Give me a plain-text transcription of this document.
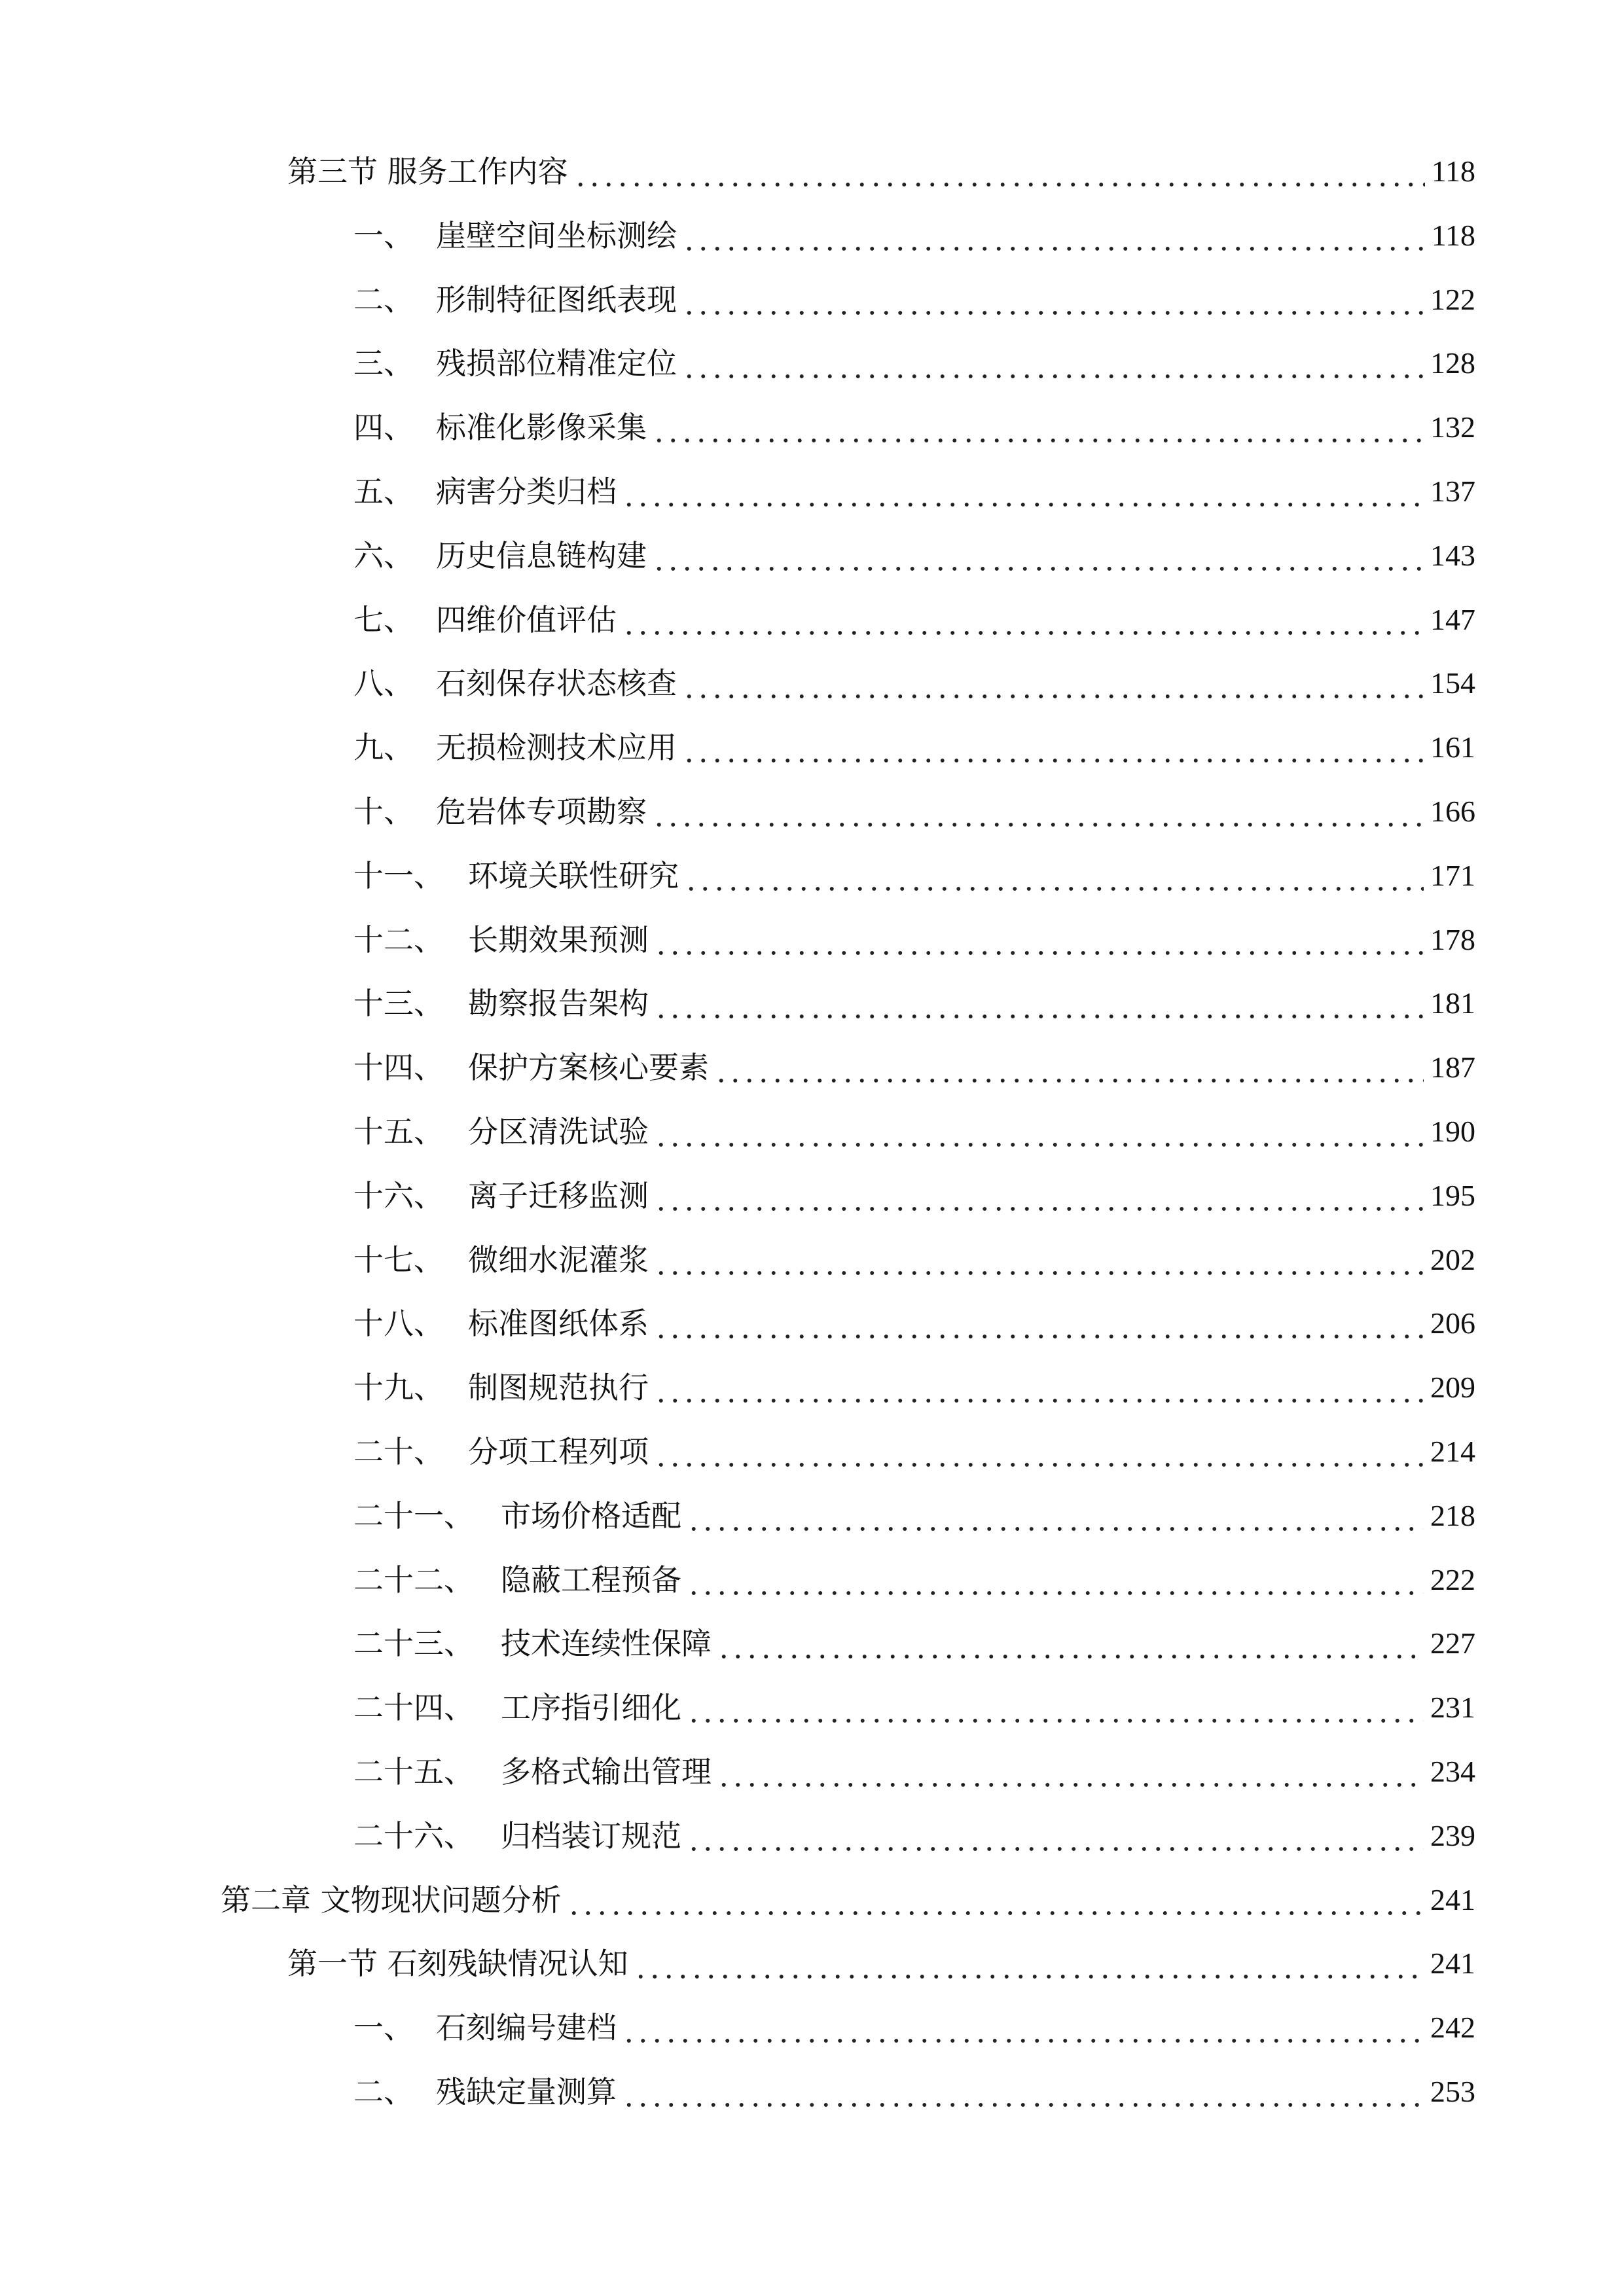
第三节 服务工作内容	118
一、 崖壁空间坐标测绘	118
二、 形制特征图纸表现	122
三、 残损部位精准定位	128
四、 标准化影像采集	132
五、 病害分类归档	137
六、 历史信息链构建	143
七、 四维价值评估	147
八、 石刻保存状态核查	154
九、 无损检测技术应用	161
十、 危岩体专项勘察	166
十一、 环境关联性研究	171
十二、 长期效果预测	178
十三、 勘察报告架构	181
十四、 保护方案核心要素	187
十五、 分区清洗试验	190
十六、 离子迁移监测	195
十七、 微细水泥灌浆	202
十八、 标准图纸体系	206
十九、 制图规范执行	209
二十、 分项工程列项	214
二十一、 市场价格适配	218
二十二、 隐蔽工程预备	222
二十三、 技术连续性保障	227
二十四、 工序指引细化	231
二十五、 多格式输出管理	234
二十六、 归档装订规范	239
第二章 文物现状问题分析	241
第一节 石刻残缺情况认知	241
一、 石刻编号建档	242
二、 残缺定量测算	253
